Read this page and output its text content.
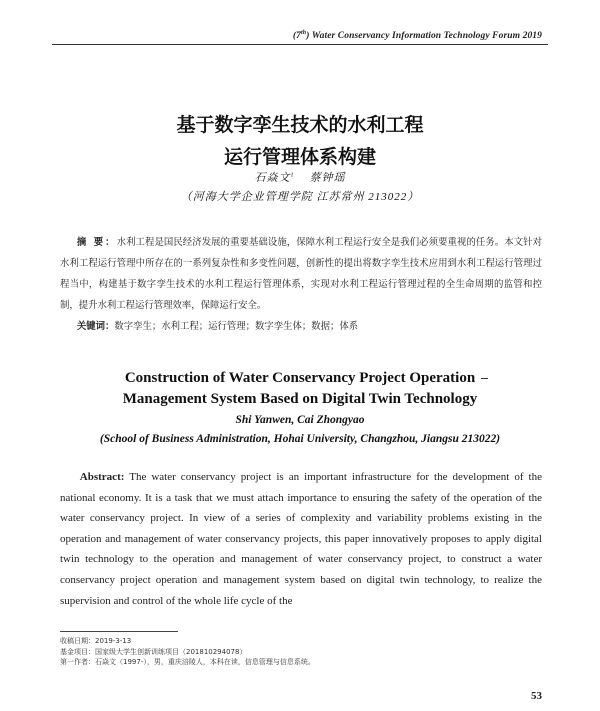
(7th) Water Conservancy Information Technology Forum 2019
基于数字孪生技术的水利工程
运行管理体系构建
石焱文$^1$ 蔡钟瑶
（河海大学企业管理学院 江苏常州 213022）

摘 要：水利工程是国民经济发展的重要基础设施，保障水利工程运行安全是我们必须要重视的任务。本文针对水利工程运行管理中所存在的一系列复杂性和多变性问题，创新性的提出将数字孪生技术应用到水利工程运行管理过程当中，构建基于数字孪生技术的水利工程运行管理体系，实现对水利工程运行管理过程的全生命周期的监管和控制，提升水利工程运行管理效率，保障运行安全。

关键词：数字孪生；水利工程；运行管理；数字孪生体；数据；体系
Construction of Water Conservancy Project Operation
Management System Based on Digital Twin Technology
Shi Yanwen, Cai Zhongyao
(School of Business Administration, Hohai University, Changzhou, Jiangsu 213022)

Abstract: The water conservancy project is an important infrastructure for the development of the national economy. It is a task that we must attach importance to ensuring the safety of the operation of the water conservancy project. In view of a series of complexity and variability problems existing in the operation and management of water conservancy projects, this paper innovatively proposes to apply digital twin technology to the operation and management of water conservancy project, to construct a water conservancy project operation and management system based on digital twin technology, to realize the supervision and control of the whole life cycle of the

收稿日期：2019-3-13
基金项目：国家级大学生创新训练项目（201810294078）
第一作者：石焱文（1997-），男，重庆涪陵人，本科在读，信息管理与信息系统。
53
